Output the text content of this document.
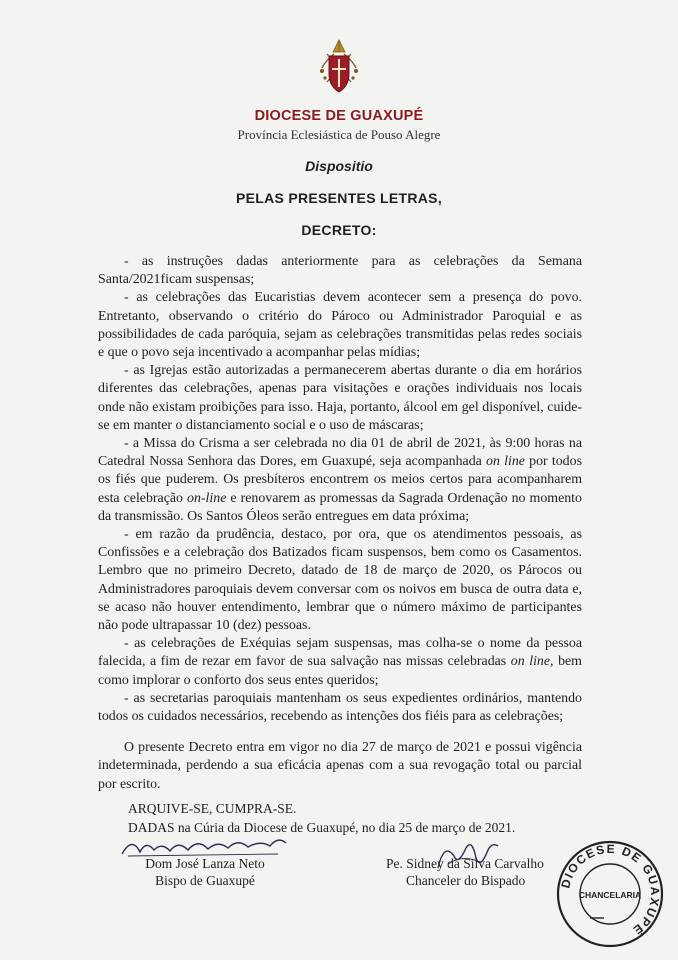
DIOCESE DE GUAXUPÉ
Província Eclesiástica de Pouso Alegre
Dispositio
PELAS PRESENTES LETRAS,
DECRETO:

- as instruções dadas anteriormente para as celebrações da Semana Santa/2021ficam suspensas;

- as celebrações das Eucaristias devem acontecer sem a presença do povo. Entretanto, observando o critério do Pároco ou Administrador Paroquial e as possibilidades de cada paróquia, sejam as celebrações transmitidas pelas redes sociais e que o povo seja incentivado a acompanhar pelas mídias;

- as Igrejas estão autorizadas a permanecerem abertas durante o dia em horários diferentes das celebrações, apenas para visitações e orações individuais nos locais onde não existam proibições para isso. Haja, portanto, álcool em gel disponível, cuide-se em manter o distanciamento social e o uso de máscaras;

- a Missa do Crisma a ser celebrada no dia 01 de abril de 2021, às 9:00 horas na Catedral Nossa Senhora das Dores, em Guaxupé, seja acompanhada on line por todos os fiés que puderem. Os presbíteros encontrem os meios certos para acompanharem esta celebração on-line e renovarem as promessas da Sagrada Ordenação no momento da transmissão. Os Santos Óleos serão entregues em data próxima;

- em razão da prudência, destaco, por ora, que os atendimentos pessoais, as Confissões e a celebração dos Batizados ficam suspensos, bem como os Casamentos. Lembro que no primeiro Decreto, datado de 18 de março de 2020, os Párocos ou Administradores paroquiais devem conversar com os noivos em busca de outra data e, se acaso não houver entendimento, lembrar que o número máximo de participantes não pode ultrapassar 10 (dez) pessoas.

- as celebrações de Exéquias sejam suspensas, mas colha-se o nome da pessoa falecida, a fim de rezar em favor de sua salvação nas missas celebradas on line, bem como implorar o conforto dos seus entes queridos;

- as secretarias paroquiais mantenham os seus expedientes ordinários, mantendo todos os cuidados necessários, recebendo as intenções dos fiéis para as celebrações;

O presente Decreto entra em vigor no dia 27 de março de 2021 e possui vigência indeterminada, perdendo a sua eficácia apenas com a sua revogação total ou parcial por escrito.

ARQUIVE-SE, CUMPRA-SE.
DADAS na Cúria da Diocese de Guaxupé, no dia 25 de março de 2021.
Dom José Lanza Neto
Bispo de Guaxupé
Pe. Sidney da Silva Carvalho
Chanceler do Bispado	DIOCESE DE GUAXUPÉ
CHANCELARIA
